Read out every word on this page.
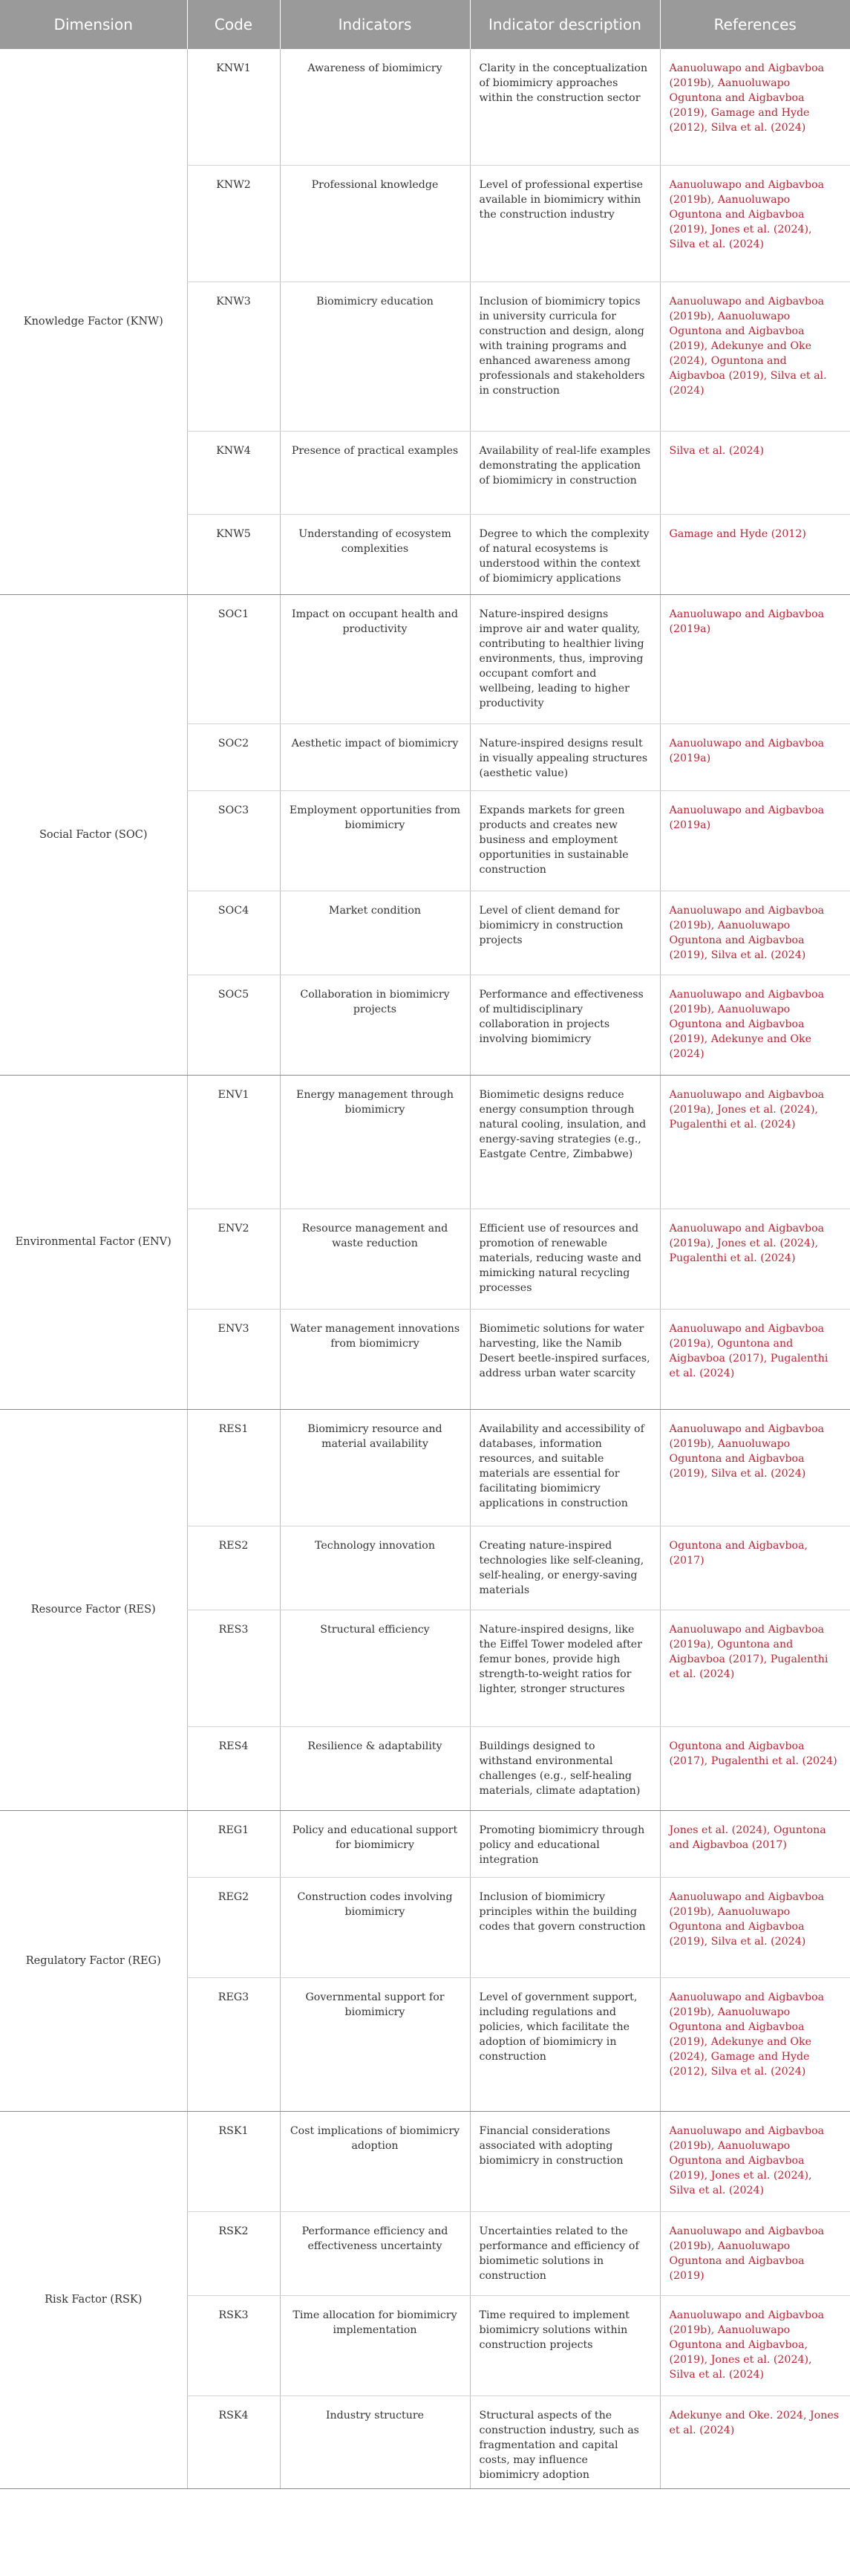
Dimension	Code	Indicators	Indicator description	References
Knowledge Factor (KNW)	KNW1	Awareness of biomimicry	Clarity in the conceptualization of biomimicry approaches within the construction sector	Aanuoluwapo and Aigbavboa (2019b), Aanuoluwapo Oguntona and Aigbavboa (2019), Gamage and Hyde (2012), Silva et al. (2024)
	KNW2	Professional knowledge	Level of professional expertise available in biomimicry within the construction industry	Aanuoluwapo and Aigbavboa (2019b), Aanuoluwapo Oguntona and Aigbavboa (2019), Jones et al. (2024), Silva et al. (2024)
	KNW3	Biomimicry education	Inclusion of biomimicry topics in university curricula for construction and design, along with training programs and enhanced awareness among professionals and stakeholders in construction	Aanuoluwapo and Aigbavboa (2019b), Aanuoluwapo Oguntona and Aigbavboa (2019), Adekunye and Oke (2024), Oguntona and Aigbavboa (2019), Silva et al. (2024)
	KNW4	Presence of practical examples	Availability of real-life examples demonstrating the application of biomimicry in construction	Silva et al. (2024)
	KNW5	Understanding of ecosystem complexities	Degree to which the complexity of natural ecosystems is understood within the context of biomimicry applications	Gamage and Hyde (2012)
Social Factor (SOC)	SOC1	Impact on occupant health and productivity	Nature-inspired designs improve air and water quality, contributing to healthier living environments, thus, improving occupant comfort and wellbeing, leading to higher productivity	Aanuoluwapo and Aigbavboa (2019a)
	SOC2	Aesthetic impact of biomimicry	Nature-inspired designs result in visually appealing structures (aesthetic value)	Aanuoluwapo and Aigbavboa (2019a)
	SOC3	Employment opportunities from biomimicry	Expands markets for green products and creates new business and employment opportunities in sustainable construction	Aanuoluwapo and Aigbavboa (2019a)
	SOC4	Market condition	Level of client demand for biomimicry in construction projects	Aanuoluwapo and Aigbavboa (2019b), Aanuoluwapo Oguntona and Aigbavboa (2019), Silva et al. (2024)
	SOC5	Collaboration in biomimicry projects	Performance and effectiveness of multidisciplinary collaboration in projects involving biomimicry	Aanuoluwapo and Aigbavboa (2019b), Aanuoluwapo Oguntona and Aigbavboa (2019), Adekunye and Oke (2024)
Environmental Factor (ENV)	ENV1	Energy management through biomimicry	Biomimetic designs reduce energy consumption through natural cooling, insulation, and energy-saving strategies (e.g., Eastgate Centre, Zimbabwe)	Aanuoluwapo and Aigbavboa (2019a), Jones et al. (2024), Pugalenthi et al. (2024)
	ENV2	Resource management and waste reduction	Efficient use of resources and promotion of renewable materials, reducing waste and mimicking natural recycling processes	Aanuoluwapo and Aigbavboa (2019a), Jones et al. (2024), Pugalenthi et al. (2024)
	ENV3	Water management innovations from biomimicry	Biomimetic solutions for water harvesting, like the Namib Desert beetle-inspired surfaces, address urban water scarcity	Aanuoluwapo and Aigbavboa (2019a), Oguntona and Aigbavboa (2017), Pugalenthi et al. (2024)
Resource Factor (RES)	RES1	Biomimicry resource and material availability	Availability and accessibility of databases, information resources, and suitable materials are essential for facilitating biomimicry applications in construction	Aanuoluwapo and Aigbavboa (2019b), Aanuoluwapo Oguntona and Aigbavboa (2019), Silva et al. (2024)
	RES2	Technology innovation	Creating nature-inspired technologies like self-cleaning, self-healing, or energy-saving materials	Oguntona and Aigbavboa, (2017)
	RES3	Structural efficiency	Nature-inspired designs, like the Eiffel Tower modeled after femur bones, provide high strength-to-weight ratios for lighter, stronger structures	Aanuoluwapo and Aigbavboa (2019a), Oguntona and Aigbavboa (2017), Pugalenthi et al. (2024)
	RES4	Resilience & adaptability	Buildings designed to withstand environmental challenges (e.g., self-healing materials, climate adaptation)	Oguntona and Aigbavboa (2017), Pugalenthi et al. (2024)
Regulatory Factor (REG)	REG1	Policy and educational support for biomimicry	Promoting biomimicry through policy and educational integration	Jones et al. (2024), Oguntona and Aigbavboa (2017)
	REG2	Construction codes involving biomimicry	Inclusion of biomimicry principles within the building codes that govern construction	Aanuoluwapo and Aigbavboa (2019b), Aanuoluwapo Oguntona and Aigbavboa (2019), Silva et al. (2024)
	REG3	Governmental support for biomimicry	Level of government support, including regulations and policies, which facilitate the adoption of biomimicry in construction	Aanuoluwapo and Aigbavboa (2019b), Aanuoluwapo Oguntona and Aigbavboa (2019), Adekunye and Oke (2024), Gamage and Hyde (2012), Silva et al. (2024)
Risk Factor (RSK)	RSK1	Cost implications of biomimicry adoption	Financial considerations associated with adopting biomimicry in construction	Aanuoluwapo and Aigbavboa (2019b), Aanuoluwapo Oguntona and Aigbavboa (2019), Jones et al. (2024), Silva et al. (2024)
	RSK2	Performance efficiency and effectiveness uncertainty	Uncertainties related to the performance and efficiency of biomimetic solutions in construction	Aanuoluwapo and Aigbavboa (2019b), Aanuoluwapo Oguntona and Aigbavboa (2019)
	RSK3	Time allocation for biomimicry implementation	Time required to implement biomimicry solutions within construction projects	Aanuoluwapo and Aigbavboa (2019b), Aanuoluwapo Oguntona and Aigbavboa, (2019), Jones et al. (2024), Silva et al. (2024)
	RSK4	Industry structure	Structural aspects of the construction industry, such as fragmentation and capital costs, may influence biomimicry adoption	Adekunye and Oke. 2024, Jones et al. (2024)
